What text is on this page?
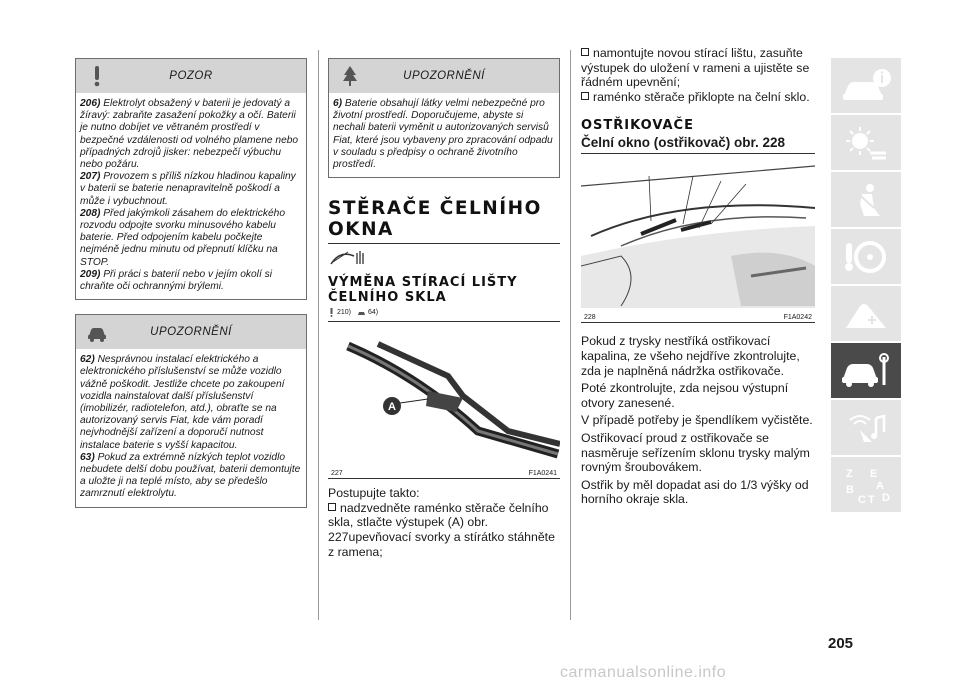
POZOR

206) Elektrolyt obsažený v baterii je jedovatý a žíravý: zabraňte zasažení pokožky a očí. Baterii je nutno dobíjet ve větraném prostředí v bezpečné vzdálenosti od volného plamene nebo případných zdrojů jisker: nebezpečí výbuchu nebo požáru.

207) Provozem s příliš nízkou hladinou kapaliny v baterii se baterie nenapravitelně poškodí a může i vybuchnout.

208) Před jakýmkoli zásahem do elektrického rozvodu odpojte svorku minusového kabelu baterie. Před odpojením kabelu počkejte nejméně jednu minutu od přepnutí klíčku na STOP.

209) Při práci s baterií nebo v jejím okolí si chraňte oči ochrannými brýlemi.

UPOZORNĚNÍ

62) Nesprávnou instalací elektrického a elektronického příslušenství se může vozidlo vážně poškodit. Jestliže chcete po zakoupení vozidla nainstalovat další příslušenství (imobilizér, radiotelefon, atd.), obraťte se na autorizovaný servis Fiat, kde vám poradí nejvhodnější zařízení a doporučí nutnost instalace baterie s vyšší kapacitou.

63) Pokud za extrémně nízkých teplot vozidlo nebudete delší dobu používat, baterii demontujte a uložte ji na teplé místo, aby se předešlo zamrznutí elektrolytu.

UPOZORNĚNÍ

6) Baterie obsahují látky velmi nebezpečné pro životní prostředí. Doporučujeme, abyste si nechali baterii vyměnit u autorizovaných servisů Fiat, které jsou vybaveny pro zpracování odpadu v souladu s předpisy o ochraně životního prostředí.

STĚRAČE ČELNÍHO OKNA
VÝMĚNA STÍRACÍ LIŠTY ČELNÍHO SKLA
210) 64)
A
227	F1A0241

Postupujte takto:

nadzvedněte raménko stěrače čelního skla, stlačte výstupek (A) obr. 227upevňovací svorky a stírátko stáhněte z ramena;

namontujte novou stírací lištu, zasuňte výstupek do uložení v rameni a ujistěte se řádném upevnění;

raménko stěrače přiklopte na čelní sklo.

OSTŘIKOVAČE
Čelní okno (ostřikovač) obr. 228
228	F1A0242

Pokud z trysky nestříká ostřikovací kapalina, ze všeho nejdříve zkontrolujte, zda je naplněná nádržka ostřikovače.

Poté zkontrolujte, zda nejsou výstupní otvory zanesené.

V případě potřeby je špendlíkem vyčistěte.

Ostřikovací proud z ostřikovače se nasměruje seřízením sklonu trysky malým rovným šroubovákem.

Ostřik by měl dopadat asi do 1/3 výšky od horního okraje skla.

Z E
A
B
C T D
205
carmanualsonline.info
